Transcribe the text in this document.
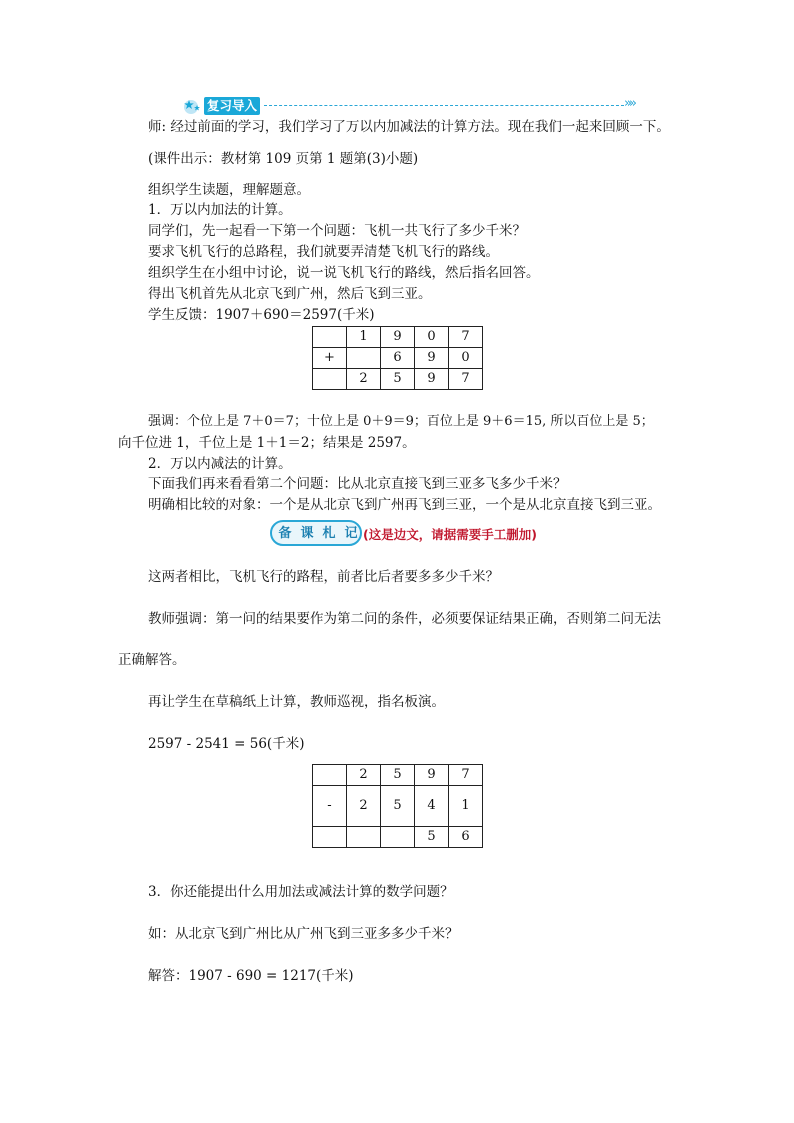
复习导入	»»
师: 经过前面的学习，我们学习了万以内加减法的计算方法。现在我们一起来回顾一下。
(课件出示：教材第 109 页第 1 题第(3)小题)
组织学生读题，理解题意。
1．万以内加法的计算。
同学们，先一起看一下第一个问题：飞机一共飞行了多少千米？
要求飞机飞行的总路程，我们就要弄清楚飞机飞行的路线。
组织学生在小组中讨论，说一说飞机飞行的路线，然后指名回答。
得出飞机首先从北京飞到广州，然后飞到三亚。
学生反馈：1907＋690＝2597(千米)
	1	9	0	7
+		6	9	0
	2	5	9	7
强调：个位上是 7＋0＝7；十位上是 0＋9＝9；百位上是 9＋6＝15, 所以百位上是 5；
向千位进 1，千位上是 1＋1＝2；结果是 2597。
2．万以内减法的计算。
下面我们再来看看第二个问题：比从北京直接飞到三亚多飞多少千米？
明确相比较的对象：一个是从北京飞到广州再飞到三亚，一个是从北京直接飞到三亚。
备 课 札 记 (这是边文，请据需要手工删加)
这两者相比，飞机飞行的路程，前者比后者要多多少千米？
教师强调：第一问的结果要作为第二问的条件，必须要保证结果正确，否则第二问无法
正确解答。
再让学生在草稿纸上计算，教师巡视，指名板演。
2597 - 2541 = 56(千米)
	2	5	9	7
-	2	5	4	1
			5	6
3．你还能提出什么用加法或减法计算的数学问题？
如：从北京飞到广州比从广州飞到三亚多多少千米？
解答：1907 - 690 = 1217(千米)
